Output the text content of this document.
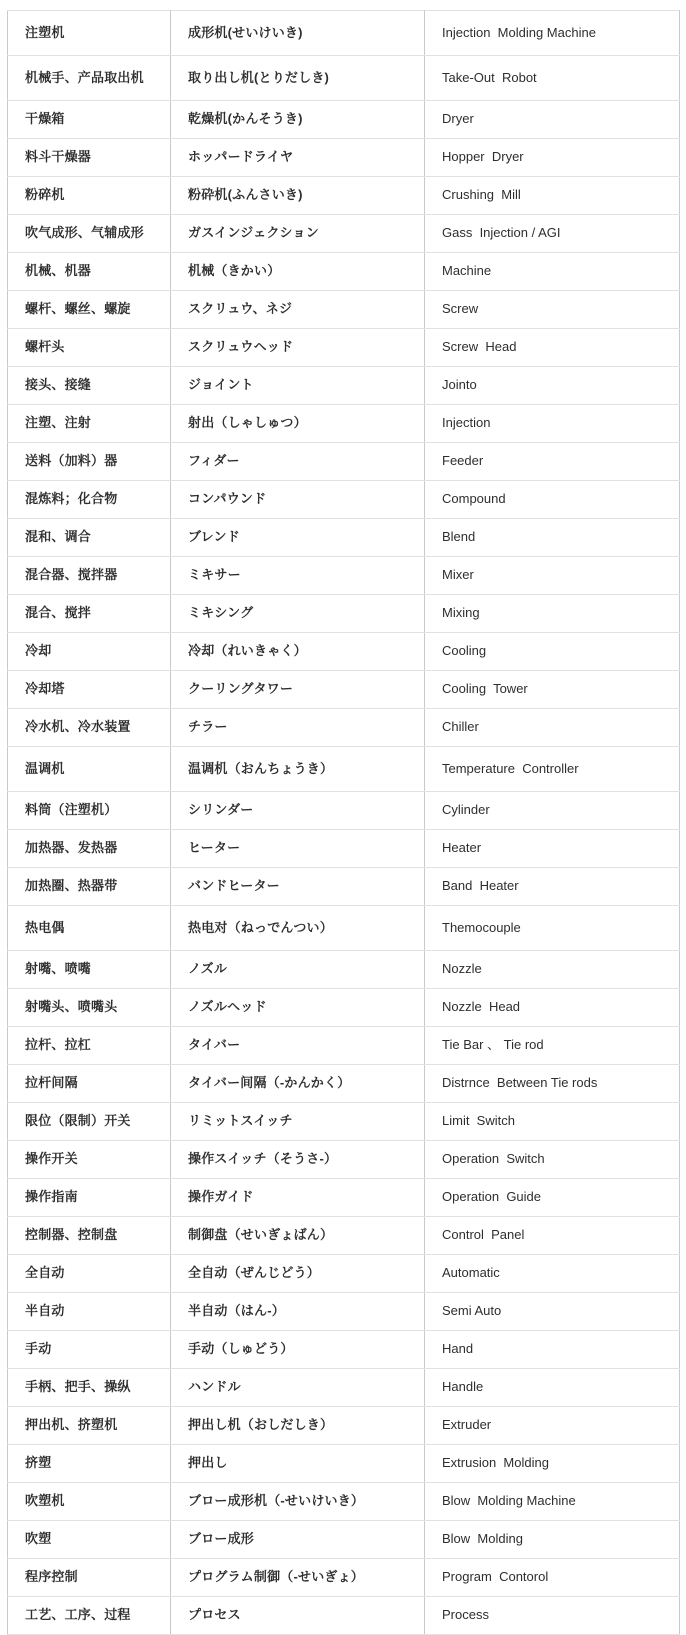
注塑机	成形机(せいけいき)	Injection  Molding Machine
机械手、产品取出机	取り出し机(とりだしき)	Take-Out  Robot
干燥箱	乾燥机(かんそうき)	Dryer
料斗干燥器	ホッパードライヤ	Hopper  Dryer
粉碎机	粉砕机(ふんさいき)	Crushing  Mill
吹气成形、气辅成形	ガスインジェクション	Gass  Injection / AGI
机械、机器	机械（きかい）	Machine
螺杆、螺丝、螺旋	スクリュウ、ネジ	Screw
螺杆头	スクリュウヘッド	Screw  Head
接头、接缝	ジョイント	Jointo
注塑、注射	射出（しゃしゅつ）	Injection
送料（加料）器	フィダー	Feeder
混炼料；化合物	コンパウンド	Compound
混和、调合	ブレンド	Blend
混合器、搅拌器	ミキサー	Mixer
混合、搅拌	ミキシング	Mixing
冷却	冷却（れいきゃく）	Cooling
冷却塔	クーリングタワー	Cooling  Tower
冷水机、冷水装置	チラー	Chiller
温调机	温调机（おんちょうき）	Temperature  Controller
料筒（注塑机）	シリンダー	Cylinder
加热器、发热器	ヒーター	Heater
加热圈、热器带	バンドヒーター	Band  Heater
热电偶	热电对（ねっでんつい）	Themocouple
射嘴、喷嘴	ノズル	Nozzle
射嘴头、喷嘴头	ノズルヘッド	Nozzle  Head
拉杆、拉杠	タイバー	Tie Bar 、 Tie rod
拉杆间隔	タイバー间隔（-かんかく）	Distrnce  Between Tie rods
限位（限制）开关	リミットスイッチ	Limit  Switch
操作开关	操作スイッチ（そうさ-）	Operation  Switch
操作指南	操作ガイド	Operation  Guide
控制器、控制盘	制御盘（せいぎょばん）	Control  Panel
全自动	全自动（ぜんじどう）	Automatic
半自动	半自动（はん-）	Semi Auto
手动	手动（しゅどう）	Hand
手柄、把手、操纵	ハンドル	Handle
押出机、挤塑机	押出し机（おしだしき）	Extruder
挤塑	押出し	Extrusion  Molding
吹塑机	ブロー成形机（-せいけいき）	Blow  Molding Machine
吹塑	ブロー成形	Blow  Molding
程序控制	プログラム制御（-せいぎょ）	Program  Contorol
工艺、工序、过程	プロセス	Process
